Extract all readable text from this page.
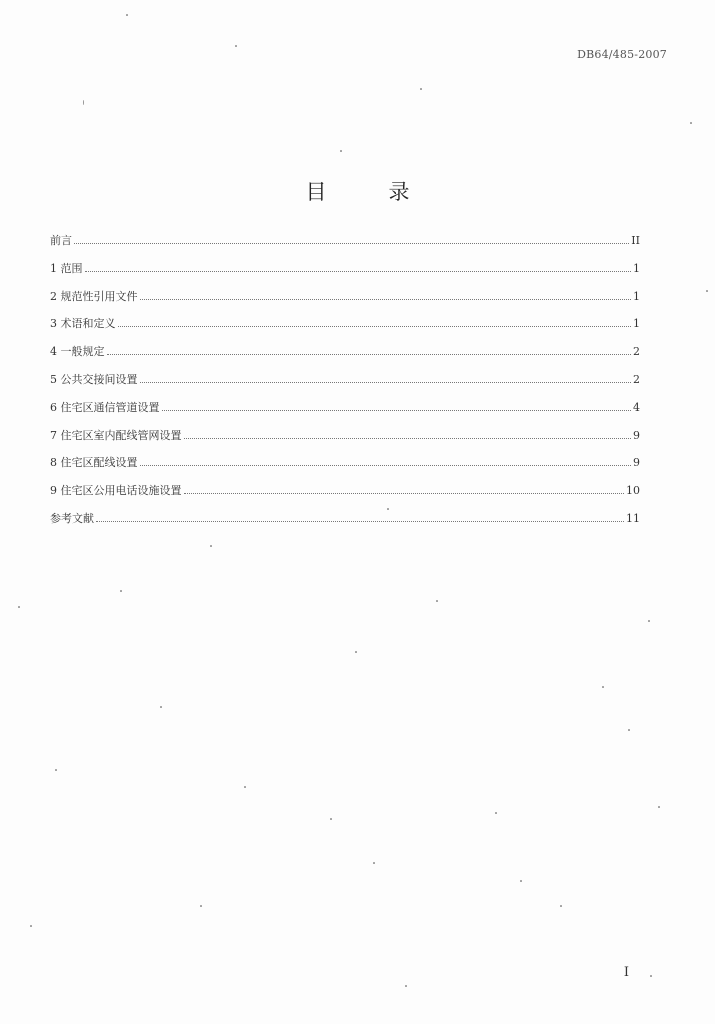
DB64/485-2007
目	录
前言	II
1 范围	1
2 规范性引用文件	1
3 术语和定义	1
4 一般规定	2
5 公共交接间设置	2
6 住宅区通信管道设置	4
7 住宅区室内配线管网设置	9
8 住宅区配线设置	9
9 住宅区公用电话设施设置	10
参考文献	11
I
